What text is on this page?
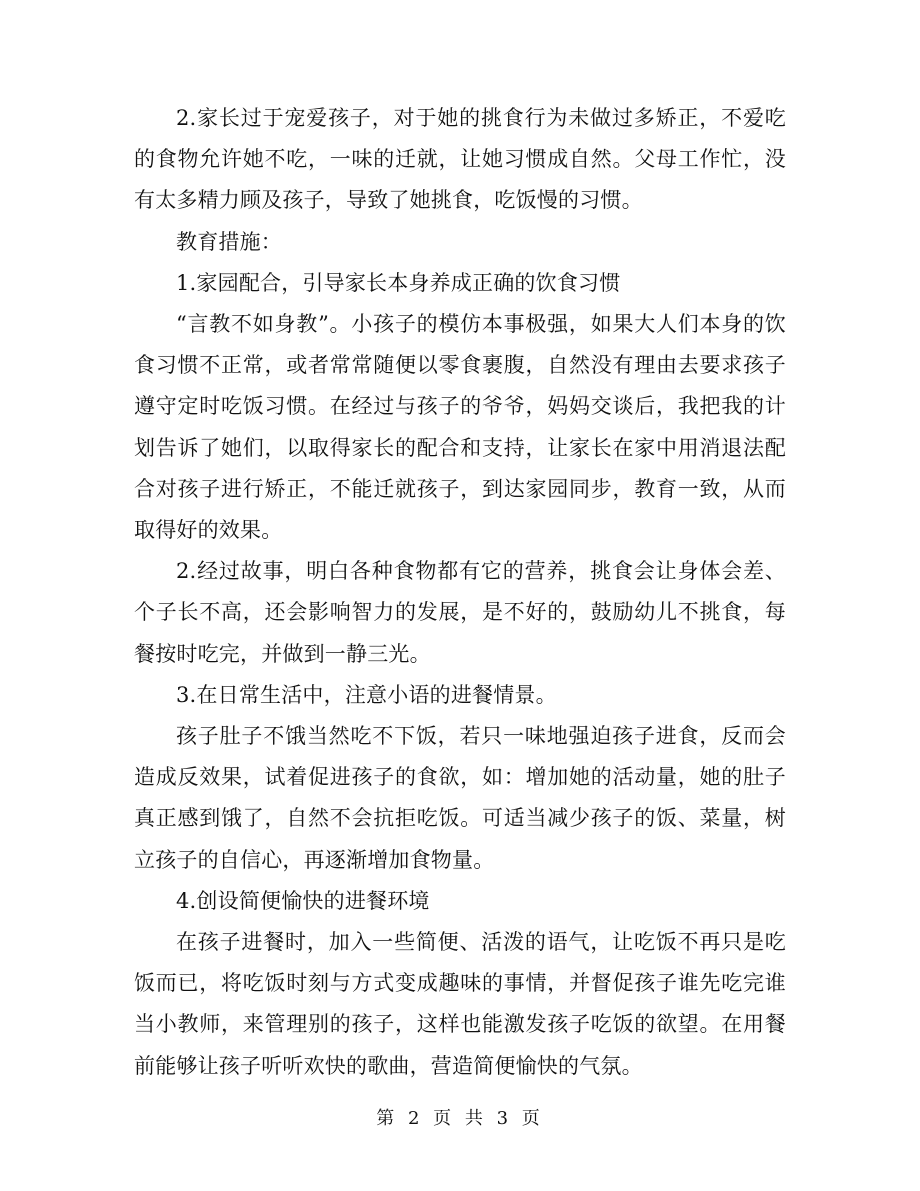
2.家长过于宠爱孩子，对于她的挑食行为未做过多矫正，不爱吃的食物允许她不吃，一味的迁就，让她习惯成自然。父母工作忙，没有太多精力顾及孩子，导致了她挑食，吃饭慢的习惯。

教育措施：

1.家园配合，引导家长本身养成正确的饮食习惯

“言教不如身教”。小孩子的模仿本事极强，如果大人们本身的饮食习惯不正常，或者常常随便以零食裹腹，自然没有理由去要求孩子遵守定时吃饭习惯。在经过与孩子的爷爷，妈妈交谈后，我把我的计划告诉了她们，以取得家长的配合和支持，让家长在家中用消退法配合对孩子进行矫正，不能迁就孩子，到达家园同步，教育一致，从而取得好的效果。

2.经过故事，明白各种食物都有它的营养，挑食会让身体会差、个子长不高，还会影响智力的发展，是不好的，鼓励幼儿不挑食，每餐按时吃完，并做到一静三光。

3.在日常生活中，注意小语的进餐情景。

孩子肚子不饿当然吃不下饭，若只一味地强迫孩子进食，反而会造成反效果，试着促进孩子的食欲，如：增加她的活动量，她的肚子真正感到饿了，自然不会抗拒吃饭。可适当减少孩子的饭、菜量，树立孩子的自信心，再逐渐增加食物量。

4.创设简便愉快的进餐环境

在孩子进餐时，加入一些简便、活泼的语气，让吃饭不再只是吃饭而已，将吃饭时刻与方式变成趣味的事情，并督促孩子谁先吃完谁当小教师，来管理别的孩子，这样也能激发孩子吃饭的欲望。在用餐前能够让孩子听听欢快的歌曲，营造简便愉快的气氛。

第 2 页 共 3 页
